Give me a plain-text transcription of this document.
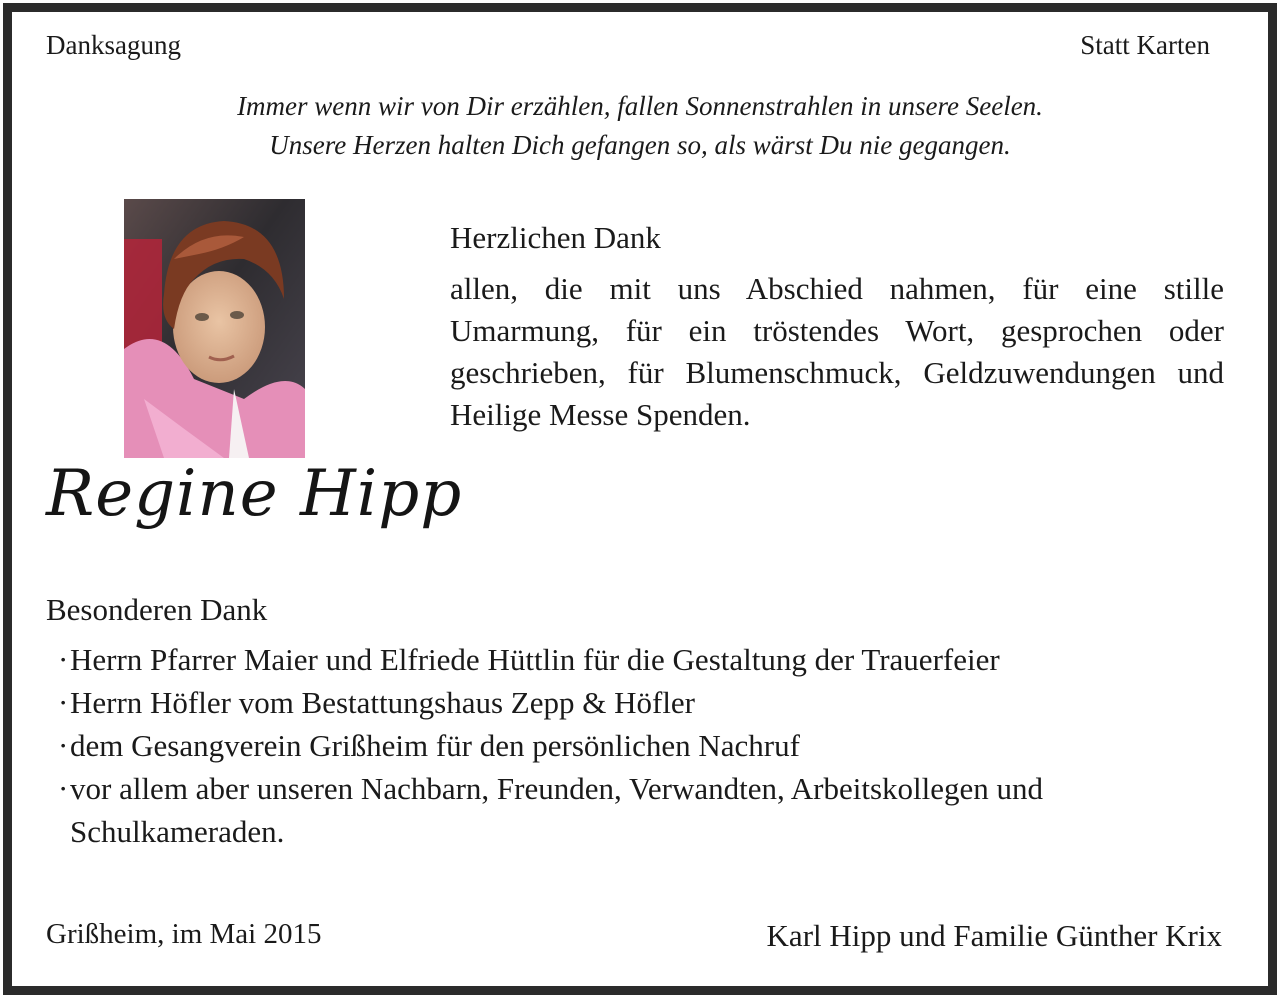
Danksagung	Statt Karten
Immer wenn wir von Dir erzählen, fallen Sonnenstrahlen in unsere Seelen.
Unsere Herzen halten Dich gefangen so, als wärst Du nie gegangen.
Regine Hipp
Herzlichen Dank
allen, die mit uns Abschied nahmen, für eine stille Umarmung, für ein tröstendes Wort, gesprochen oder geschrieben, für Blumenschmuck, Geldzuwendungen und Heilige Messe Spenden.
Besonderen Dank
·
Herrn Pfarrer Maier und Elfriede Hüttlin für die Gestaltung der Trauerfeier
·
Herrn Höfler vom Bestattungshaus Zepp & Höfler
·
dem Gesangverein Grißheim für den persönlichen Nachruf
·
vor allem aber unseren Nachbarn, Freunden, Verwandten, Arbeitskollegen und Schulkameraden.
Grißheim, im Mai 2015	Karl Hipp und Familie Günther Krix
